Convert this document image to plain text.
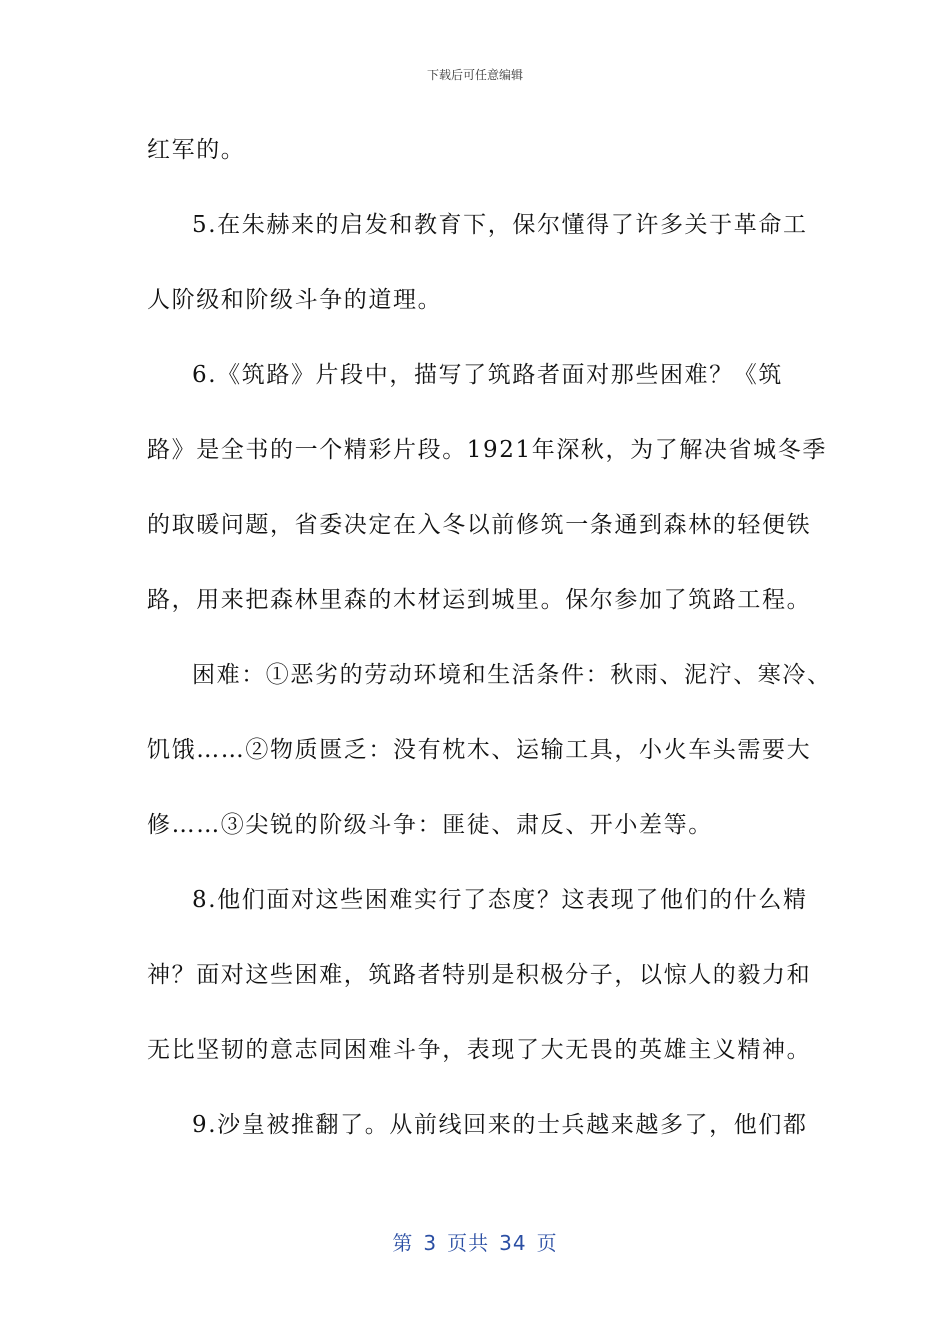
下载后可任意编辑
红军的。
5.在朱赫来的启发和教育下，保尔懂得了许多关于革命工
人阶级和阶级斗争的道理。
6.《筑路》片段中，描写了筑路者面对那些困难？《筑
路》是全书的一个精彩片段。1921年深秋，为了解决省城冬季
的取暖问题，省委决定在入冬以前修筑一条通到森林的轻便铁
路，用来把森林里森的木材运到城里。保尔参加了筑路工程。
困难：①恶劣的劳动环境和生活条件：秋雨、泥泞、寒冷、
饥饿……②物质匮乏：没有枕木、运输工具，小火车头需要大
修……③尖锐的阶级斗争：匪徒、肃反、开小差等。
8.他们面对这些困难实行了态度？这表现了他们的什么精
神？面对这些困难，筑路者特别是积极分子，以惊人的毅力和
无比坚韧的意志同困难斗争，表现了大无畏的英雄主义精神。
9.沙皇被推翻了。从前线回来的士兵越来越多了，他们都
第 3 页共 34 页
